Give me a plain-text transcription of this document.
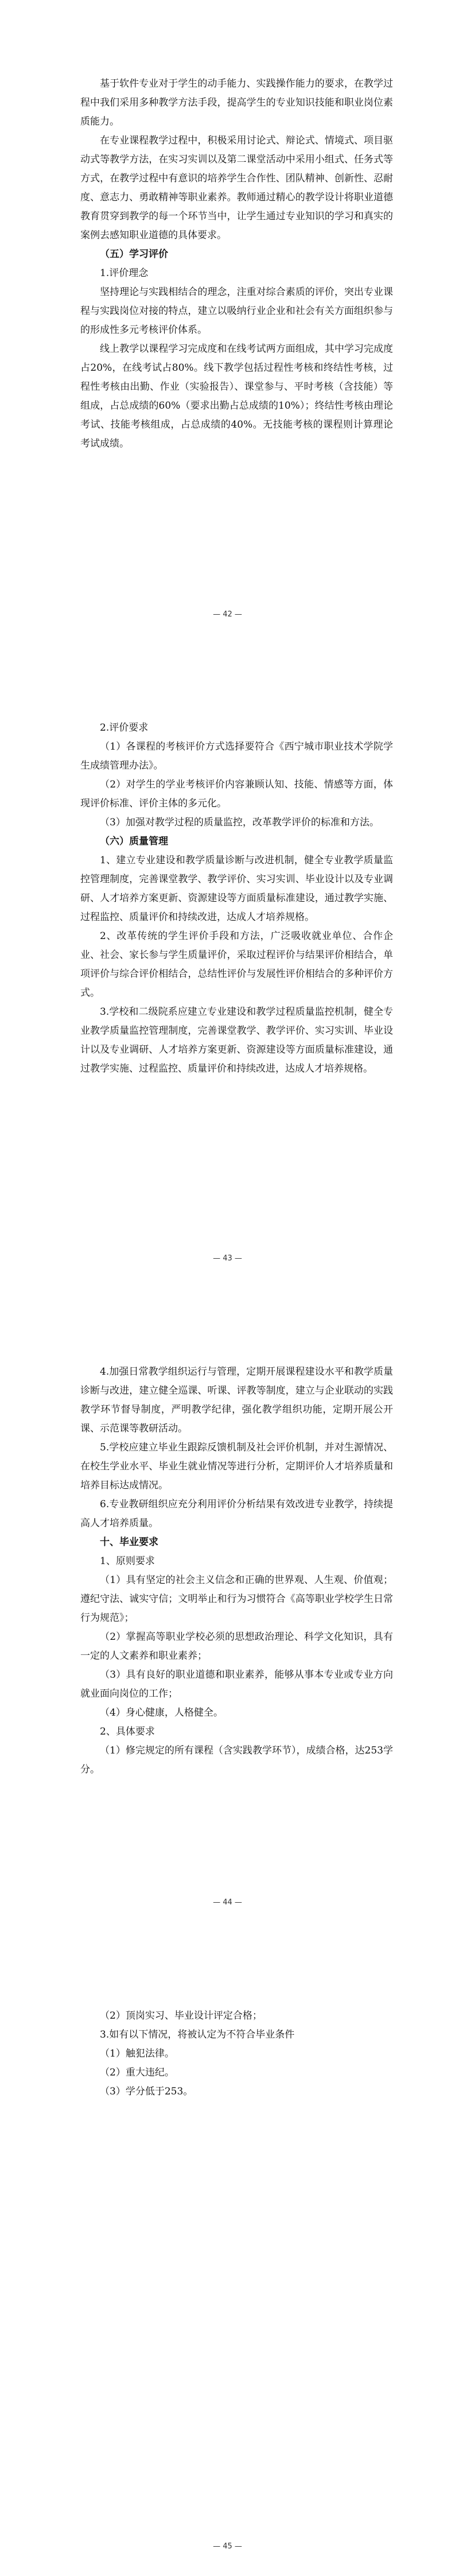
基于软件专业对于学生的动手能力、实践操作能力的要求，在教学过程中我们采用多种教学方法手段，提高学生的专业知识技能和职业岗位素质能力。

在专业课程教学过程中，积极采用讨论式、辩论式、情境式、项目驱动式等教学方法，在实习实训以及第二课堂活动中采用小组式、任务式等方式，在教学过程中有意识的培养学生合作性、团队精神、创新性、忍耐度、意志力、勇敢精神等职业素养。教师通过精心的教学设计将职业道德教育贯穿到教学的每一个环节当中，让学生通过专业知识的学习和真实的案例去感知职业道德的具体要求。

（五）学习评价

1.评价理念

坚持理论与实践相结合的理念，注重对综合素质的评价，突出专业课程与实践岗位对接的特点，建立以吸纳行业企业和社会有关方面组织参与的形成性多元考核评价体系。

线上教学以课程学习完成度和在线考试两方面组成，其中学习完成度占20%，在线考试占80%。线下教学包括过程性考核和终结性考核，过程性考核由出勤、作业（实验报告）、课堂参与、平时考核（含技能）等组成，占总成绩的60%（要求出勤占总成绩的10%）；终结性考核由理论考试、技能考核组成，占总成绩的40%。无技能考核的课程则计算理论考试成绩。

— 42 —

2.评价要求

（1）各课程的考核评价方式选择要符合《西宁城市职业技术学院学生成绩管理办法》。

（2）对学生的学业考核评价内容兼顾认知、技能、情感等方面，体现评价标准、评价主体的多元化。

（3）加强对教学过程的质量监控，改革教学评价的标准和方法。

（六）质量管理

1、建立专业建设和教学质量诊断与改进机制，健全专业教学质量监控管理制度，完善课堂教学、教学评价、实习实训、毕业设计以及专业调研、人才培养方案更新、资源建设等方面质量标准建设，通过教学实施、过程监控、质量评价和持续改进，达成人才培养规格。

2、改革传统的学生评价手段和方法，广泛吸收就业单位、合作企业、社会、家长参与学生质量评价，采取过程评价与结果评价相结合，单项评价与综合评价相结合，总结性评价与发展性评价相结合的多种评价方式。

3.学校和二级院系应建立专业建设和教学过程质量监控机制，健全专业教学质量监控管理制度，完善课堂教学、教学评价、实习实训、毕业设计以及专业调研、人才培养方案更新、资源建设等方面质量标准建设，通过教学实施、过程监控、质量评价和持续改进，达成人才培养规格。

— 43 —

4.加强日常教学组织运行与管理，定期开展课程建设水平和教学质量诊断与改进，建立健全巡课、听课、评教等制度，建立与企业联动的实践教学环节督导制度，严明教学纪律，强化教学组织功能，定期开展公开课、示范课等教研活动。

5.学校应建立毕业生跟踪反馈机制及社会评价机制，并对生源情况、在校生学业水平、毕业生就业情况等进行分析，定期评价人才培养质量和培养目标达成情况。

6.专业教研组织应充分利用评价分析结果有效改进专业教学，持续提高人才培养质量。

十、毕业要求

1、原则要求

（1）具有坚定的社会主义信念和正确的世界观、人生观、价值观；遵纪守法、诚实守信；文明举止和行为习惯符合《高等职业学校学生日常行为规范》；

（2）掌握高等职业学校必须的思想政治理论、科学文化知识，具有一定的人文素养和职业素养；

（3）具有良好的职业道德和职业素养，能够从事本专业或专业方向就业面向岗位的工作；

（4）身心健康，人格健全。

2、具体要求

（1）修完规定的所有课程（含实践教学环节），成绩合格，达253学分。

— 44 —

（2）顶岗实习、毕业设计评定合格；

3.如有以下情况，将被认定为不符合毕业条件

（1）触犯法律。

（2）重大违纪。

（3）学分低于253。

— 45 —
